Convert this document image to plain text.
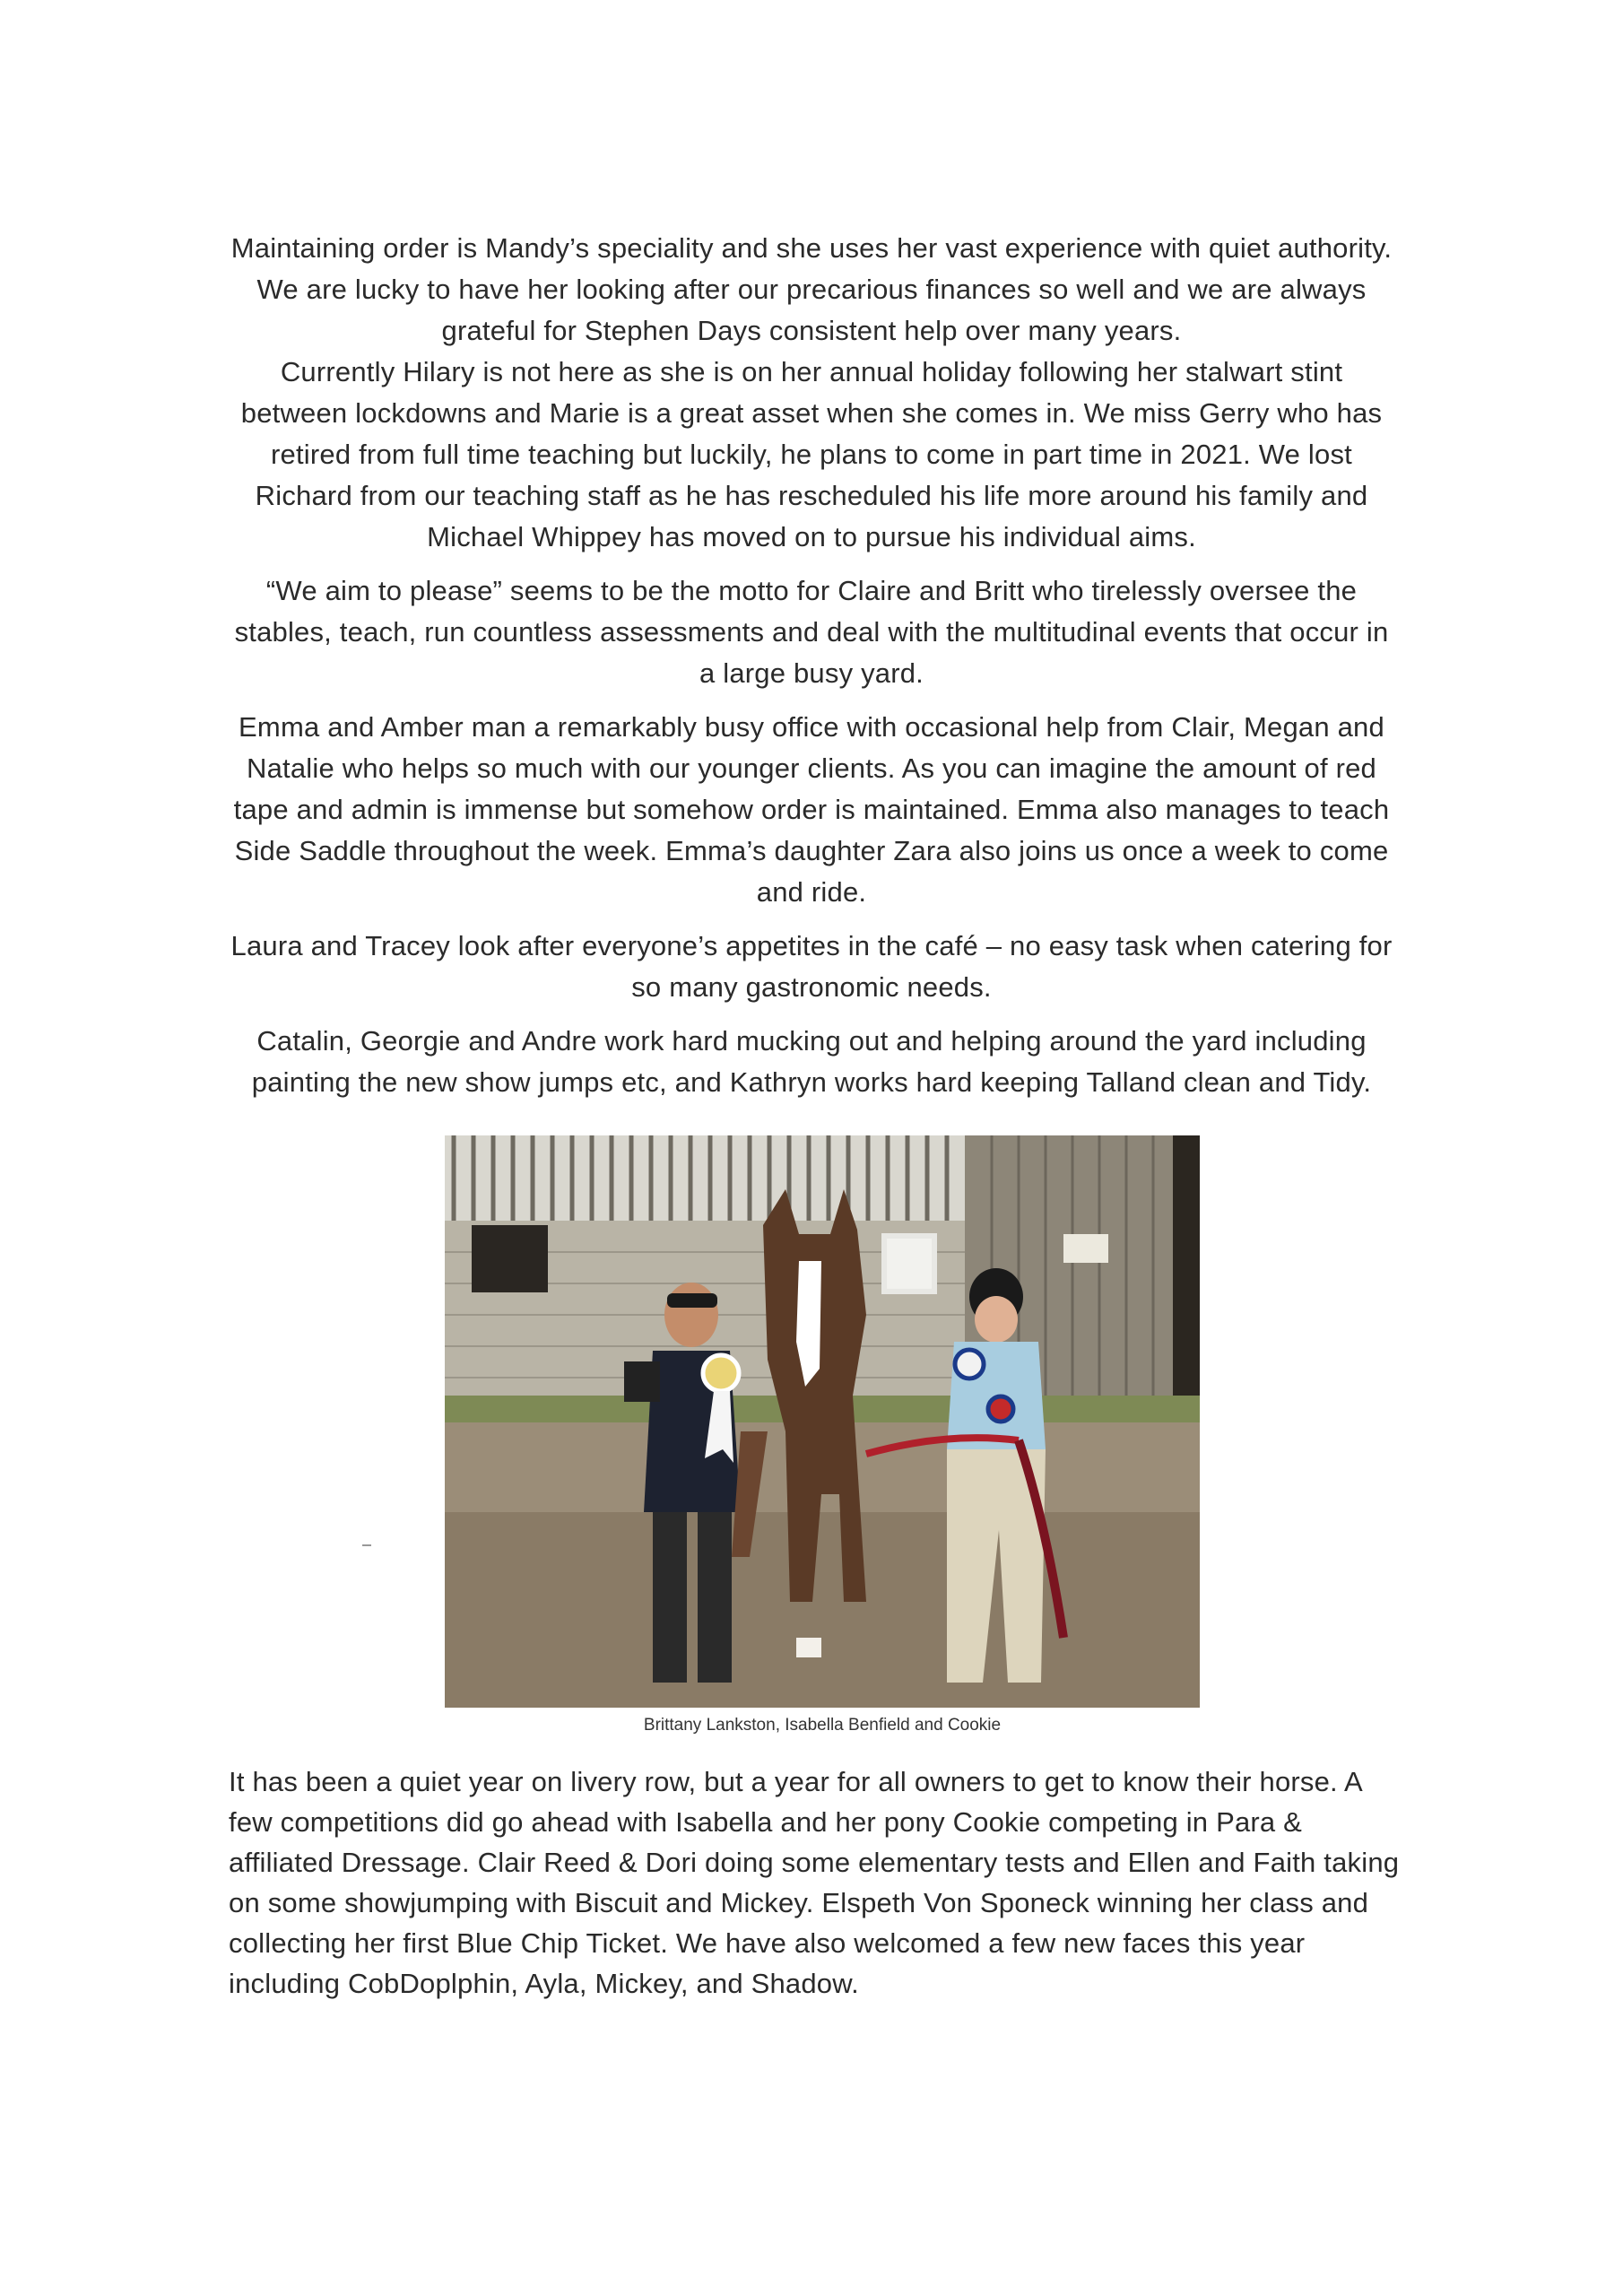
Maintaining order is Mandy’s speciality and she uses her vast experience with quiet authority. We are lucky to have her looking after our precarious finances so well and we are always grateful for Stephen Days consistent help over many years.

Currently Hilary is not here as she is on her annual holiday following her stalwart stint between lockdowns and Marie is a great asset when she comes in. We miss Gerry who has retired from full time teaching but luckily, he plans to come in part time in 2021. We lost Richard from our teaching staff as he has rescheduled his life more around his family and Michael Whippey has moved on to pursue his individual aims.

“We aim to please” seems to be the motto for Claire and Britt who tirelessly oversee the stables, teach, run countless assessments and deal with the multitudinal events that occur in a large busy yard.

Emma and Amber man a remarkably busy office with occasional help from Clair, Megan and Natalie who helps so much with our younger clients. As you can imagine the amount of red tape and admin is immense but somehow order is maintained. Emma also manages to teach Side Saddle throughout the week. Emma’s daughter Zara also joins us once a week to come and ride.

Laura and Tracey look after everyone’s appetites in the café – no easy task when catering for so many gastronomic needs.

Catalin, Georgie and Andre work hard mucking out and helping around the yard including painting the new show jumps etc, and Kathryn works hard keeping Talland clean and Tidy.

Brittany Lankston, Isabella Benfield and Cookie

It has been a quiet year on livery row, but a year for all owners to get to know their horse. A few competitions did go ahead with Isabella and her pony Cookie competing in Para & affiliated Dressage. Clair Reed & Dori doing some elementary tests and Ellen and Faith taking on some showjumping with Biscuit and Mickey. Elspeth Von Sponeck winning her class and collecting her first Blue Chip Ticket. We have also welcomed a few new faces this year including CobDoplphin, Ayla, Mickey, and Shadow.
